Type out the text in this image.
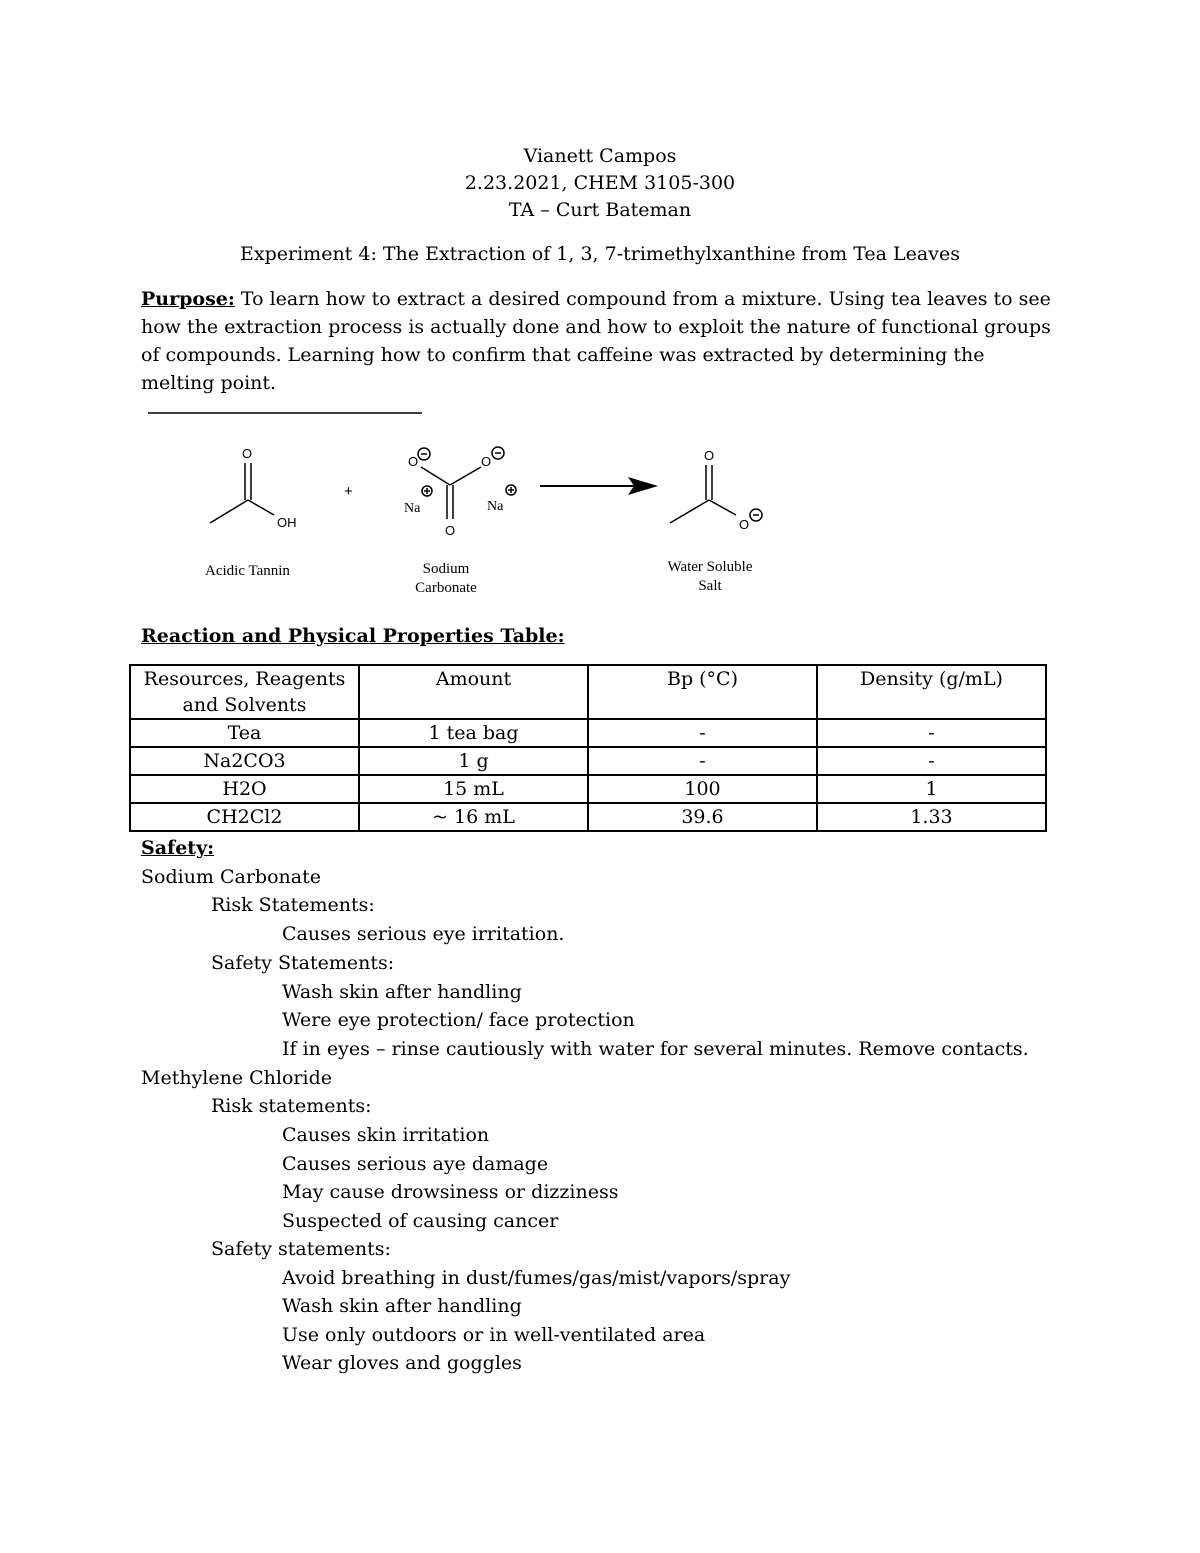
Vianett Campos
2.23.2021, CHEM 3105-300
TA – Curt Bateman
Experiment 4: The Extraction of 1, 3, 7-trimethylxanthine from Tea Leaves
Purpose: To learn how to extract a desired compound from a mixture. Using tea leaves to see how the extraction process is actually done and how to exploit the nature of functional groups of compounds. Learning how to confirm that caffeine was extracted by determining the melting point.
O
OH
+
O	O
O
Na	Na
O
O
Acidic Tannin	Sodium
Carbonate
Water Soluble
Salt
Reaction and Physical Properties Table:
Resources, Reagents and Solvents	Amount	Bp (°C)	Density (g/mL)
Tea	1 tea bag	-	-
Na2CO3	1 g	-	-
H2O	15 mL	100	1
CH2Cl2	~ 16 mL	39.6	1.33
Safety:
Sodium Carbonate
Risk Statements:
Causes serious eye irritation.
Safety Statements:
Wash skin after handling
Were eye protection/ face protection
If in eyes – rinse cautiously with water for several minutes. Remove contacts.
Methylene Chloride
Risk statements:
Causes skin irritation
Causes serious aye damage
May cause drowsiness or dizziness
Suspected of causing cancer
Safety statements:
Avoid breathing in dust/fumes/gas/mist/vapors/spray
Wash skin after handling
Use only outdoors or in well-ventilated area
Wear gloves and goggles
